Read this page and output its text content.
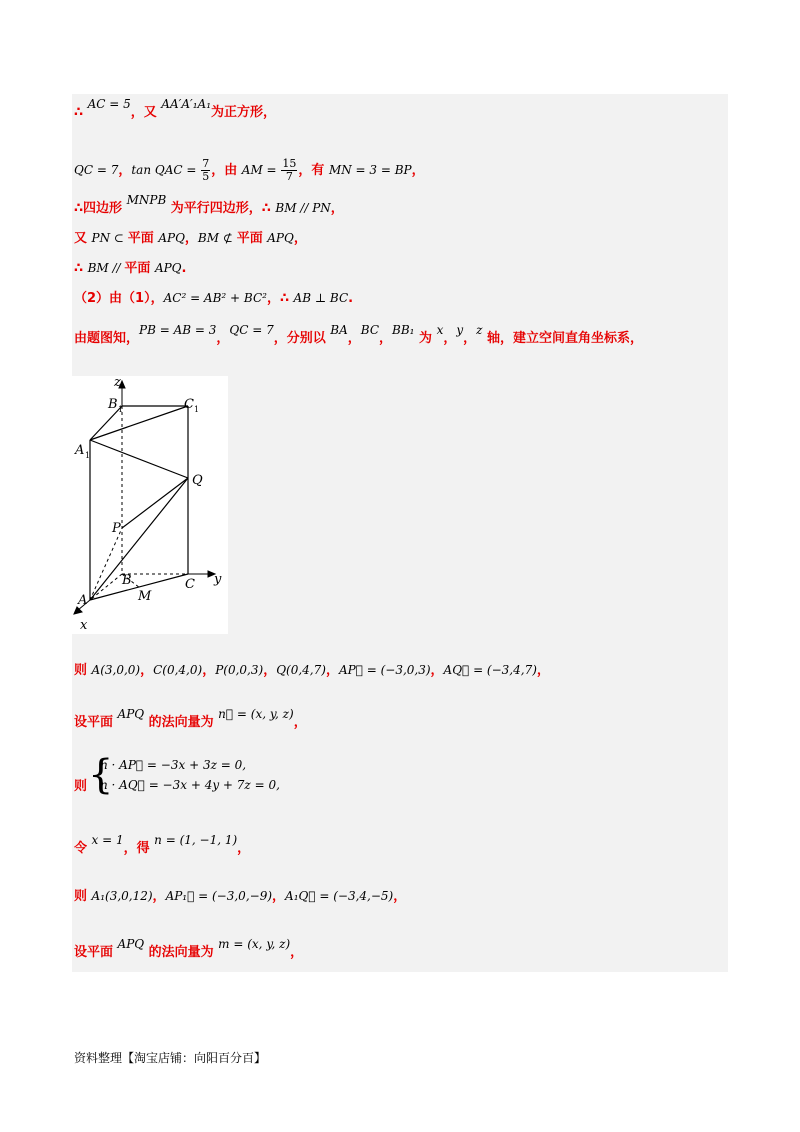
∴ AC = 5，又 AA′A′₁A₁为正方形，
QC = 7，tan QAC = $\frac{7}{5}$ ，由 AM = $\frac{15}{7}$ ，有 MN = 3 = BP，
∴四边形 MNPB 为平行四边形，∴ BM // PN，
又 PN ⊂ 平面 APQ，BM ⊄ 平面 APQ，
∴ BM // 平面 APQ.
（2）由（1），AC² = AB² + BC²，∴ AB ⊥ BC.
由题图知，PB = AB = 3，QC = 7，分别以 BA，BC，BB₁ 为 x，y，z 轴，建立空间直角坐标系，
z
B 1	C 1
A 1
Q
P
B	C y
A	M
x
则 A(3,0,0)，C(0,4,0)，P(0,0,3)，Q(0,4,7)，AP⃗ = (−3,0,3)，AQ⃗ = (−3,4,7)，
设平面 APQ 的法向量为 n⃗ = (x, y, z)，
则 {
n · AP⃗ = −3x + 3z = 0,
n · AQ⃗ = −3x + 4y + 7z = 0,
令 x = 1，得 n = (1, −1, 1)，
则 A₁(3,0,12)，AP₁⃗ = (−3,0,−9)，A₁Q⃗ = (−3,4,−5)，
设平面 APQ 的法向量为 m = (x, y, z)，
资料整理【淘宝店铺：向阳百分百】
